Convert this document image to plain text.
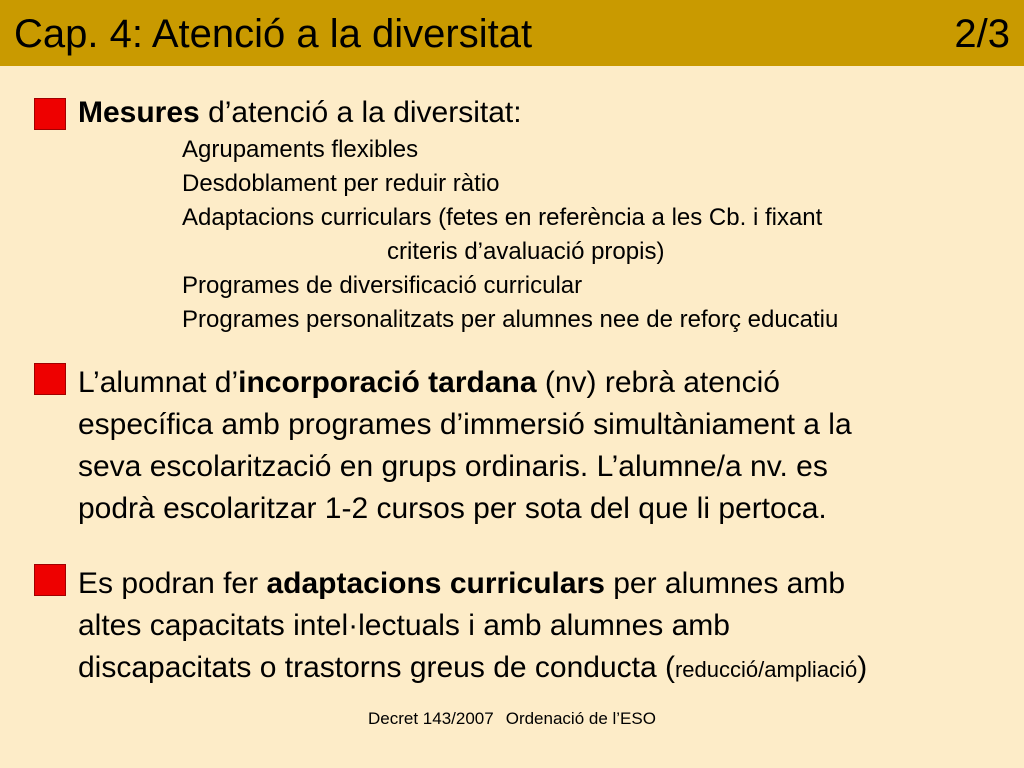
Cap. 4: Atenció a la diversitat	2/3
Mesures d’atenció a la diversitat:
Agrupaments flexibles
Desdoblament per reduir ràtio
Adaptacions curriculars (fetes en referència a les Cb. i fixant
criteris d’avaluació propis)
Programes de diversificació curricular
Programes personalitzats per alumnes nee de reforç educatiu
L’alumnat d’incorporació tardana (nv) rebrà atenció
específica amb programes d’immersió simultàniament a la
seva escolarització en grups ordinaris. L’alumne/a nv. es
podrà escolaritzar 1-2 cursos per sota del que li pertoca.
Es podran fer adaptacions curriculars per alumnes amb
altes capacitats intel·lectuals i amb alumnes amb
discapacitats o trastorns greus de conducta (reducció/ampliació)
Decret 143/2007 Ordenació de l’ESO
